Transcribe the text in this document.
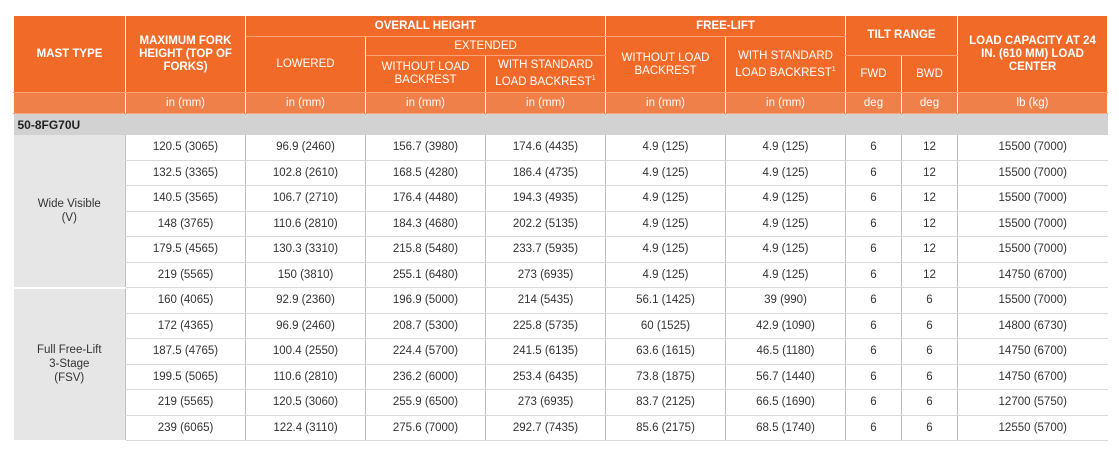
MAST TYPE	MAXIMUM FORK HEIGHT (TOP OF FORKS)	OVERALL HEIGHT			FREE-LIFT		TILT RANGE		LOAD CAPACITY AT 24 IN. (610 MM) LOAD CENTER
		LOWERED	EXTENDED		WITHOUT LOAD BACKREST	WITH STANDARD LOAD BACKREST$^1$
			WITHOUT LOAD BACKREST	WITH STANDARD LOAD BACKREST$^1$			FWD	BWD	
	in (mm)	in (mm)	in (mm)	in (mm)	in (mm)	in (mm)	deg	deg	lb (kg)
50-8FG70U									

Wide Visible
(V)	120.5 (3065)	96.9 (2460)	156.7 (3980)	174.6 (4435)	4.9 (125)	4.9 (125)	6	12	15500 (7000)
	132.5 (3365)	102.8 (2610)	168.5 (4280)	186.4 (4735)	4.9 (125)	4.9 (125)	6	12	15500 (7000)
	140.5 (3565)	106.7 (2710)	176.4 (4480)	194.3 (4935)	4.9 (125)	4.9 (125)	6	12	15500 (7000)
	148 (3765)	110.6 (2810)	184.3 (4680)	202.2 (5135)	4.9 (125)	4.9 (125)	6	12	15500 (7000)
	179.5 (4565)	130.3 (3310)	215.8 (5480)	233.7 (5935)	4.9 (125)	4.9 (125)	6	12	15500 (7000)
	219 (5565)	150 (3810)	255.1 (6480)	273 (6935)	4.9 (125)	4.9 (125)	6	12	14750 (6700)

Full Free-Lift
3-Stage
(FSV)	160 (4065)	92.9 (2360)	196.9 (5000)	214 (5435)	56.1 (1425)	39 (990)	6	6	15500 (7000)
	172 (4365)	96.9 (2460)	208.7 (5300)	225.8 (5735)	60 (1525)	42.9 (1090)	6	6	14800 (6730)
	187.5 (4765)	100.4 (2550)	224.4 (5700)	241.5 (6135)	63.6 (1615)	46.5 (1180)	6	6	14750 (6700)
	199.5 (5065)	110.6 (2810)	236.2 (6000)	253.4 (6435)	73.8 (1875)	56.7 (1440)	6	6	14750 (6700)
	219 (5565)	120.5 (3060)	255.9 (6500)	273 (6935)	83.7 (2125)	66.5 (1690)	6	6	12700 (5750)
	239 (6065)	122.4 (3110)	275.6 (7000)	292.7 (7435)	85.6 (2175)	68.5 (1740)	6	6	12550 (5700)
